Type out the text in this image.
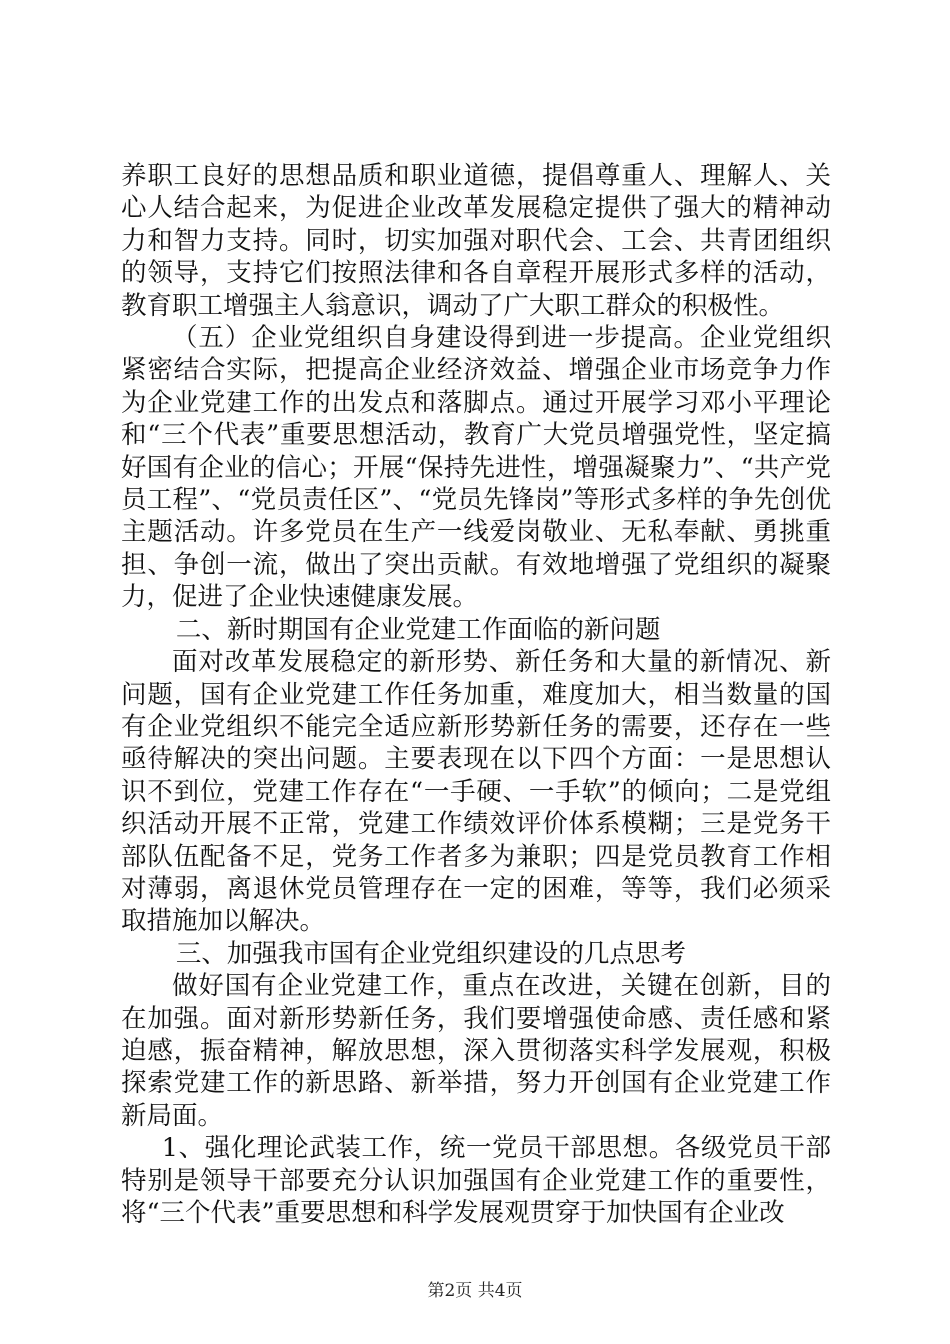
养职工良好的思想品质和职业道德，提倡尊重人、理解人、关心人结合起来，为促进企业改革发展稳定提供了强大的精神动力和智力支持。同时，切实加强对职代会、工会、共青团组织的领导，支持它们按照法律和各自章程开展形式多样的活动，教育职工增强主人翁意识，调动了广大职工群众的积极性。

（五）企业党组织自身建设得到进一步提高。企业党组织紧密结合实际，把提高企业经济效益、增强企业市场竞争力作为企业党建工作的出发点和落脚点。通过开展学习邓小平理论和“三个代表”重要思想活动，教育广大党员增强党性，坚定搞好国有企业的信心；开展“保持先进性，增强凝聚力”、“共产党员工程”、“党员责任区”、“党员先锋岗”等形式多样的争先创优主题活动。许多党员在生产一线爱岗敬业、无私奉献、勇挑重担、争创一流，做出了突出贡献。有效地增强了党组织的凝聚力，促进了企业快速健康发展。

二、新时期国有企业党建工作面临的新问题

面对改革发展稳定的新形势、新任务和大量的新情况、新问题，国有企业党建工作任务加重，难度加大，相当数量的国有企业党组织不能完全适应新形势新任务的需要，还存在一些亟待解决的突出问题。主要表现在以下四个方面：一是思想认识不到位，党建工作存在“一手硬、一手软”的倾向；二是党组织活动开展不正常，党建工作绩效评价体系模糊；三是党务干部队伍配备不足，党务工作者多为兼职；四是党员教育工作相对薄弱，离退休党员管理存在一定的困难，等等，我们必须采取措施加以解决。

三、加强我市国有企业党组织建设的几点思考

做好国有企业党建工作，重点在改进，关键在创新，目的在加强。面对新形势新任务，我们要增强使命感、责任感和紧迫感，振奋精神，解放思想，深入贯彻落实科学发展观，积极探索党建工作的新思路、新举措，努力开创国有企业党建工作新局面。

1、强化理论武装工作，统一党员干部思想。各级党员干部特别是领导干部要充分认识加强国有企业党建工作的重要性，将“三个代表”重要思想和科学发展观贯穿于加快国有企业改

第2页 共4页
